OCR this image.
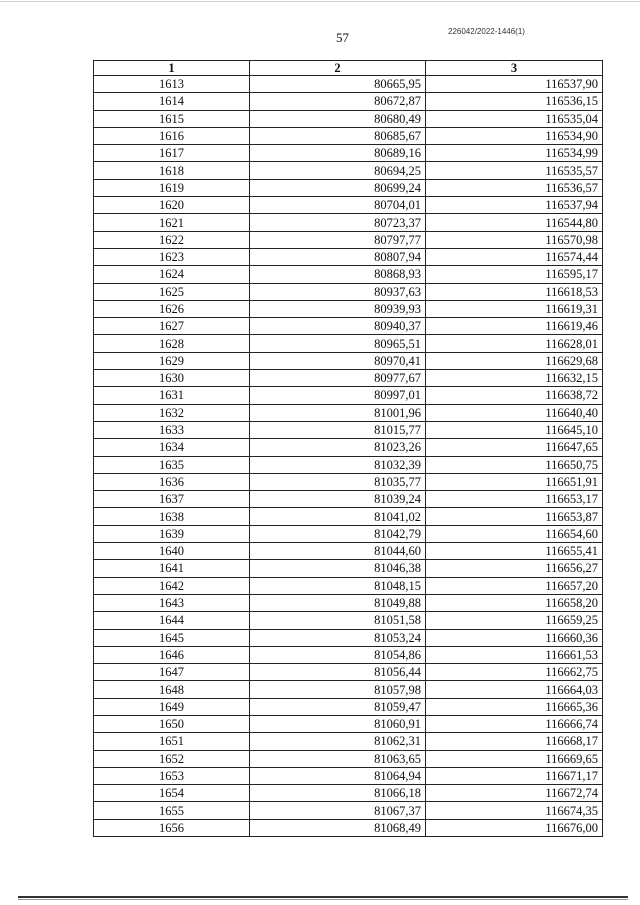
57	226042/2022-1446(1)
1	2	3
1613	80665,95	116537,90
1614	80672,87	116536,15
1615	80680,49	116535,04
1616	80685,67	116534,90
1617	80689,16	116534,99
1618	80694,25	116535,57
1619	80699,24	116536,57
1620	80704,01	116537,94
1621	80723,37	116544,80
1622	80797,77	116570,98
1623	80807,94	116574,44
1624	80868,93	116595,17
1625	80937,63	116618,53
1626	80939,93	116619,31
1627	80940,37	116619,46
1628	80965,51	116628,01
1629	80970,41	116629,68
1630	80977,67	116632,15
1631	80997,01	116638,72
1632	81001,96	116640,40
1633	81015,77	116645,10
1634	81023,26	116647,65
1635	81032,39	116650,75
1636	81035,77	116651,91
1637	81039,24	116653,17
1638	81041,02	116653,87
1639	81042,79	116654,60
1640	81044,60	116655,41
1641	81046,38	116656,27
1642	81048,15	116657,20
1643	81049,88	116658,20
1644	81051,58	116659,25
1645	81053,24	116660,36
1646	81054,86	116661,53
1647	81056,44	116662,75
1648	81057,98	116664,03
1649	81059,47	116665,36
1650	81060,91	116666,74
1651	81062,31	116668,17
1652	81063,65	116669,65
1653	81064,94	116671,17
1654	81066,18	116672,74
1655	81067,37	116674,35
1656	81068,49	116676,00
